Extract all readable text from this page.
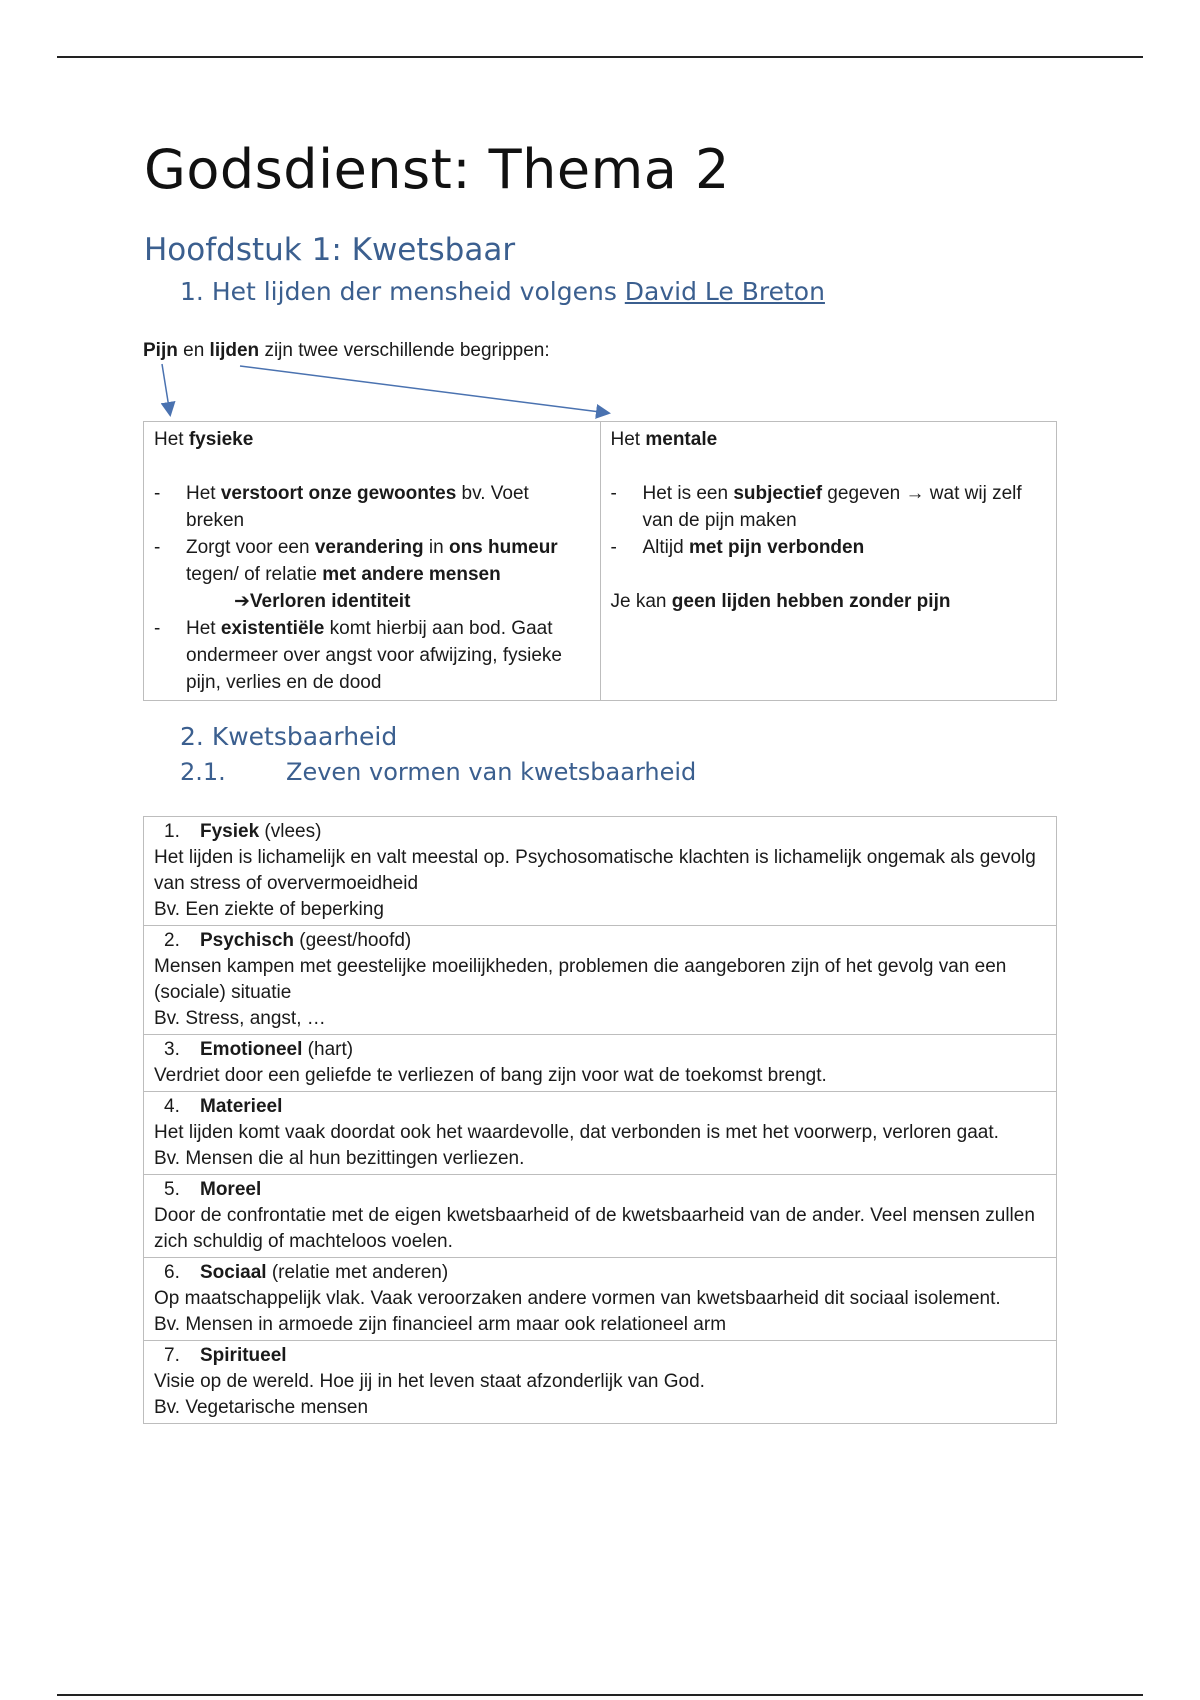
Godsdienst: Thema 2
Hoofdstuk 1: Kwetsbaar
1. Het lijden der mensheid volgens David Le Breton

Pijn en lijden zijn twee verschillende begrippen:

Het fysieke
- Het verstoort onze gewoontes bv. Voet breken
- Zorgt voor een verandering in ons humeur tegen/ of relatie met andere mensen
➔Verloren identiteit
- Het existentiële komt hierbij aan bod. Gaat ondermeer over angst voor afwijzing, fysieke pijn, verlies en de dood

Het mentale
- Het is een subjectief gegeven → wat wij zelf van de pijn maken
- Altijd met pijn verbonden
Je kan geen lijden hebben zonder pijn
2. Kwetsbaarheid
2.1.	Zeven vormen van kwetsbaarheid
1. Fysiek (vlees)
Het lijden is lichamelijk en valt meestal op. Psychosomatische klachten is lichamelijk ongemak als gevolg van stress of oververmoeidheid
Bv. Een ziekte of beperking

2. Psychisch (geest/hoofd)
Mensen kampen met geestelijke moeilijkheden, problemen die aangeboren zijn of het gevolg van een (sociale) situatie
Bv. Stress, angst, …

3. Emotioneel (hart)
Verdriet door een geliefde te verliezen of bang zijn voor wat de toekomst brengt.

4. Materieel
Het lijden komt vaak doordat ook het waardevolle, dat verbonden is met het voorwerp, verloren gaat.
Bv. Mensen die al hun bezittingen verliezen.

5. Moreel
Door de confrontatie met de eigen kwetsbaarheid of de kwetsbaarheid van de ander. Veel mensen zullen zich schuldig of machteloos voelen.

6. Sociaal (relatie met anderen)
Op maatschappelijk vlak. Vaak veroorzaken andere vormen van kwetsbaarheid dit sociaal isolement.
Bv. Mensen in armoede zijn financieel arm maar ook relationeel arm

7. Spiritueel
Visie op de wereld. Hoe jij in het leven staat afzonderlijk van God.
Bv. Vegetarische mensen
